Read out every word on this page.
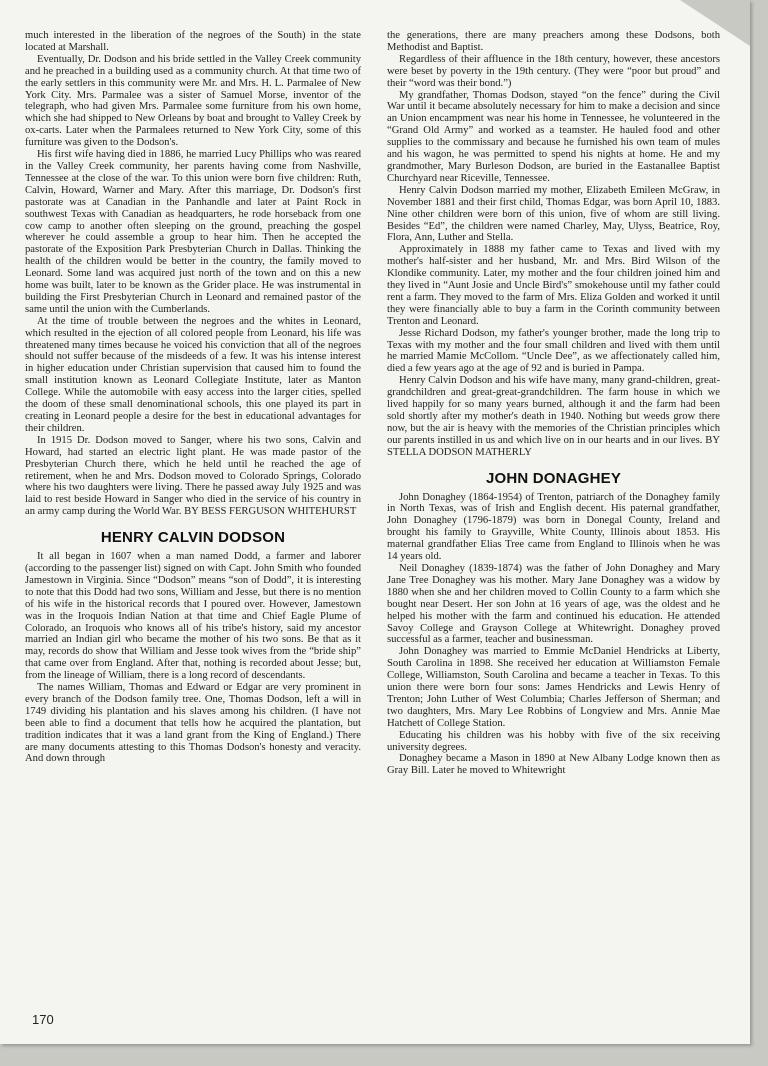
much interested in the liberation of the negroes of the South) in the state located at Marshall.

Eventually, Dr. Dodson and his bride settled in the Valley Creek community and he preached in a building used as a community church. At that time two of the early settlers in this community were Mr. and Mrs. H. L. Parmalee of New York City. Mrs. Parmalee was a sister of Samuel Morse, inventor of the telegraph, who had given Mrs. Parmalee some furniture from his own home, which she had shipped to New Orleans by boat and brought to Valley Creek by ox-carts. Later when the Parmalees returned to New York City, some of this furniture was given to the Dodson's.

His first wife having died in 1886, he married Lucy Phillips who was reared in the Valley Creek community, her parents having come from Nashville, Tennessee at the close of the war. To this union were born five children: Ruth, Calvin, Howard, Warner and Mary. After this marriage, Dr. Dodson's first pastorate was at Canadian in the Panhandle and later at Paint Rock in southwest Texas with Canadian as headquarters, he rode horseback from one cow camp to another often sleeping on the ground, preaching the gospel wherever he could assemble a group to hear him. Then he accepted the pastorate of the Exposition Park Presbyterian Church in Dallas. Thinking the health of the children would be better in the country, the family moved to Leonard. Some land was acquired just north of the town and on this a new home was built, later to be known as the Grider place. He was instrumental in building the First Presbyterian Church in Leonard and remained pastor of the same until the union with the Cumberlands.

At the time of trouble between the negroes and the whites in Leonard, which resulted in the ejection of all colored people from Leonard, his life was threatened many times because he voiced his conviction that all of the negroes should not suffer because of the misdeeds of a few. It was his intense interest in higher education under Christian supervision that caused him to found the small institution known as Leonard Collegiate Institute, later as Manton College. While the automobile with easy access into the larger cities, spelled the doom of these small denominational schools, this one played its part in creating in Leonard people a desire for the best in educational advantages for their children.

In 1915 Dr. Dodson moved to Sanger, where his two sons, Calvin and Howard, had started an electric light plant. He was made pastor of the Presbyterian Church there, which he held until he reached the age of retirement, when he and Mrs. Dodson moved to Colorado Springs, Colorado where his two daughters were living. There he passed away July 1925 and was laid to rest beside Howard in Sanger who died in the service of his country in an army camp during the World War. BY BESS FERGUSON WHITEHURST

HENRY CALVIN DODSON

It all began in 1607 when a man named Dodd, a farmer and laborer (according to the passenger list) signed on with Capt. John Smith who founded Jamestown in Virginia. Since “Dodson” means “son of Dodd”, it is interesting to note that this Dodd had two sons, William and Jesse, but there is no mention of his wife in the historical records that I poured over. However, Jamestown was in the Iroquois Indian Nation at that time and Chief Eagle Plume of Colorado, an Iroquois who knows all of his tribe's history, said my ancestor married an Indian girl who became the mother of his two sons. Be that as it may, records do show that William and Jesse took wives from the “bride ship” that came over from England. After that, nothing is recorded about Jesse; but, from the lineage of William, there is a long record of descendants.

The names William, Thomas and Edward or Edgar are very prominent in every branch of the Dodson family tree. One, Thomas Dodson, left a will in 1749 dividing his plantation and his slaves among his children. (I have not been able to find a document that tells how he acquired the plantation, but tradition indicates that it was a land grant from the King of England.) There are many documents attesting to this Thomas Dodson's honesty and veracity. And down through

the generations, there are many preachers among these Dodsons, both Methodist and Baptist.

Regardless of their affluence in the 18th century, however, these ancestors were beset by poverty in the 19th century. (They were “poor but proud” and their “word was their bond.”)

My grandfather, Thomas Dodson, stayed “on the fence” during the Civil War until it became absolutely necessary for him to make a decision and since an Union encampment was near his home in Tennessee, he volunteered in the “Grand Old Army” and worked as a teamster. He hauled food and other supplies to the commissary and because he furnished his own team of mules and his wagon, he was permitted to spend his nights at home. He and my grandmother, Mary Burleson Dodson, are buried in the Eastanallee Baptist Churchyard near Riceville, Tennessee.

Henry Calvin Dodson married my mother, Elizabeth Emileen McGraw, in November 1881 and their first child, Thomas Edgar, was born April 10, 1883. Nine other children were born of this union, five of whom are still living. Besides “Ed”, the children were named Charley, May, Ulyss, Beatrice, Roy, Flora, Ann, Luther and Stella.

Approximately in 1888 my father came to Texas and lived with my mother's half-sister and her husband, Mr. and Mrs. Bird Wilson of the Klondike community. Later, my mother and the four children joined him and they lived in “Aunt Josie and Uncle Bird's” smokehouse until my father could rent a farm. They moved to the farm of Mrs. Eliza Golden and worked it until they were financially able to buy a farm in the Corinth community between Trenton and Leonard.

Jesse Richard Dodson, my father's younger brother, made the long trip to Texas with my mother and the four small children and lived with them until he married Mamie McCollom. “Uncle Dee”, as we affectionately called him, died a few years ago at the age of 92 and is buried in Pampa.

Henry Calvin Dodson and his wife have many, many grand-children, great-grandchildren and great-great-grandchildren. The farm house in which we lived happily for so many years burned, although it and the farm had been sold shortly after my mother's death in 1940. Nothing but weeds grow there now, but the air is heavy with the memories of the Christian principles which our parents instilled in us and which live on in our hearts and in our lives. BY STELLA DODSON MATHERLY

JOHN DONAGHEY

John Donaghey (1864-1954) of Trenton, patriarch of the Donaghey family in North Texas, was of Irish and English decent. His paternal grandfather, John Donaghey (1796-1879) was born in Donegal County, Ireland and brought his family to Grayville, White County, Illinois about 1853. His maternal grandfather Elias Tree came from England to Illinois when he was 14 years old.

Neil Donaghey (1839-1874) was the father of John Donaghey and Mary Jane Tree Donaghey was his mother. Mary Jane Donaghey was a widow by 1880 when she and her children moved to Collin County to a farm which she bought near Desert. Her son John at 16 years of age, was the oldest and he helped his mother with the farm and continued his education. He attended Savoy College and Grayson College at Whitewright. Donaghey proved successful as a farmer, teacher and businessman.

John Donaghey was married to Emmie McDaniel Hendricks at Liberty, South Carolina in 1898. She received her education at Williamston Female College, Williamston, South Carolina and became a teacher in Texas. To this union there were born four sons: James Hendricks and Lewis Henry of Trenton; John Luther of West Columbia; Charles Jefferson of Sherman; and two daughters, Mrs. Mary Lee Robbins of Longview and Mrs. Annie Mae Hatchett of College Station.

Educating his children was his hobby with five of the six receiving university degrees.

Donaghey became a Mason in 1890 at New Albany Lodge known then as Gray Bill. Later he moved to Whitewright

170
